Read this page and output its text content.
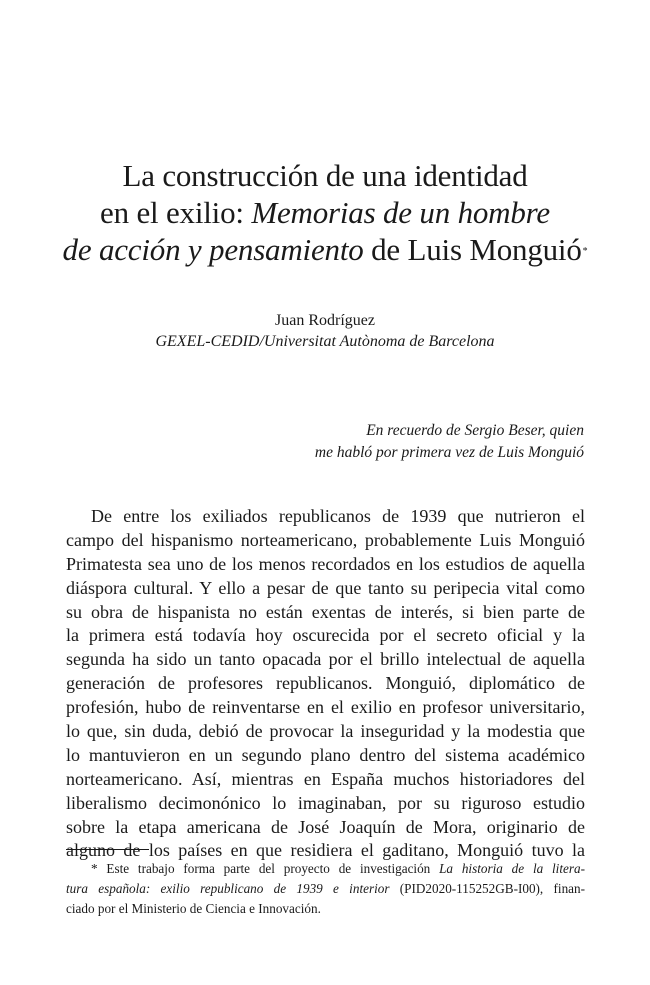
La construcción de una identidad
en el exilio: Memorias de un hombre
de acción y pensamiento de Luis Monguió*

Juan Rodríguez

GEXEL-CEDID/Universitat Autònoma de Barcelona

En recuerdo de Sergio Beser, quien
me habló por primera vez de Luis Monguió

De entre los exiliados republicanos de 1939 que nutrieron el
campo del hispanismo norteamericano, probablemente Luis Monguió
Primatesta sea uno de los menos recordados en los estudios de aquella
diáspora cultural. Y ello a pesar de que tanto su peripecia vital como
su obra de hispanista no están exentas de interés, si bien parte de
la primera está todavía hoy oscurecida por el secreto oficial y la
segunda ha sido un tanto opacada por el brillo intelectual de aquella
generación de profesores republicanos. Monguió, diplomático de
profesión, hubo de reinventarse en el exilio en profesor universitario,
lo que, sin duda, debió de provocar la inseguridad y la modestia que
lo mantuvieron en un segundo plano dentro del sistema académico
norteamericano. Así, mientras en España muchos historiadores del
liberalismo decimonónico lo imaginaban, por su riguroso estudio
sobre la etapa americana de José Joaquín de Mora, originario de
alguno de los países en que residiera el gaditano, Monguió tuvo la
* Este trabajo forma parte del proyecto de investigación La historia de la litera-
tura española: exilio republicano de 1939 e interior (PID2020-115252GB-I00), finan-
ciado por el Ministerio de Ciencia e Innovación.
